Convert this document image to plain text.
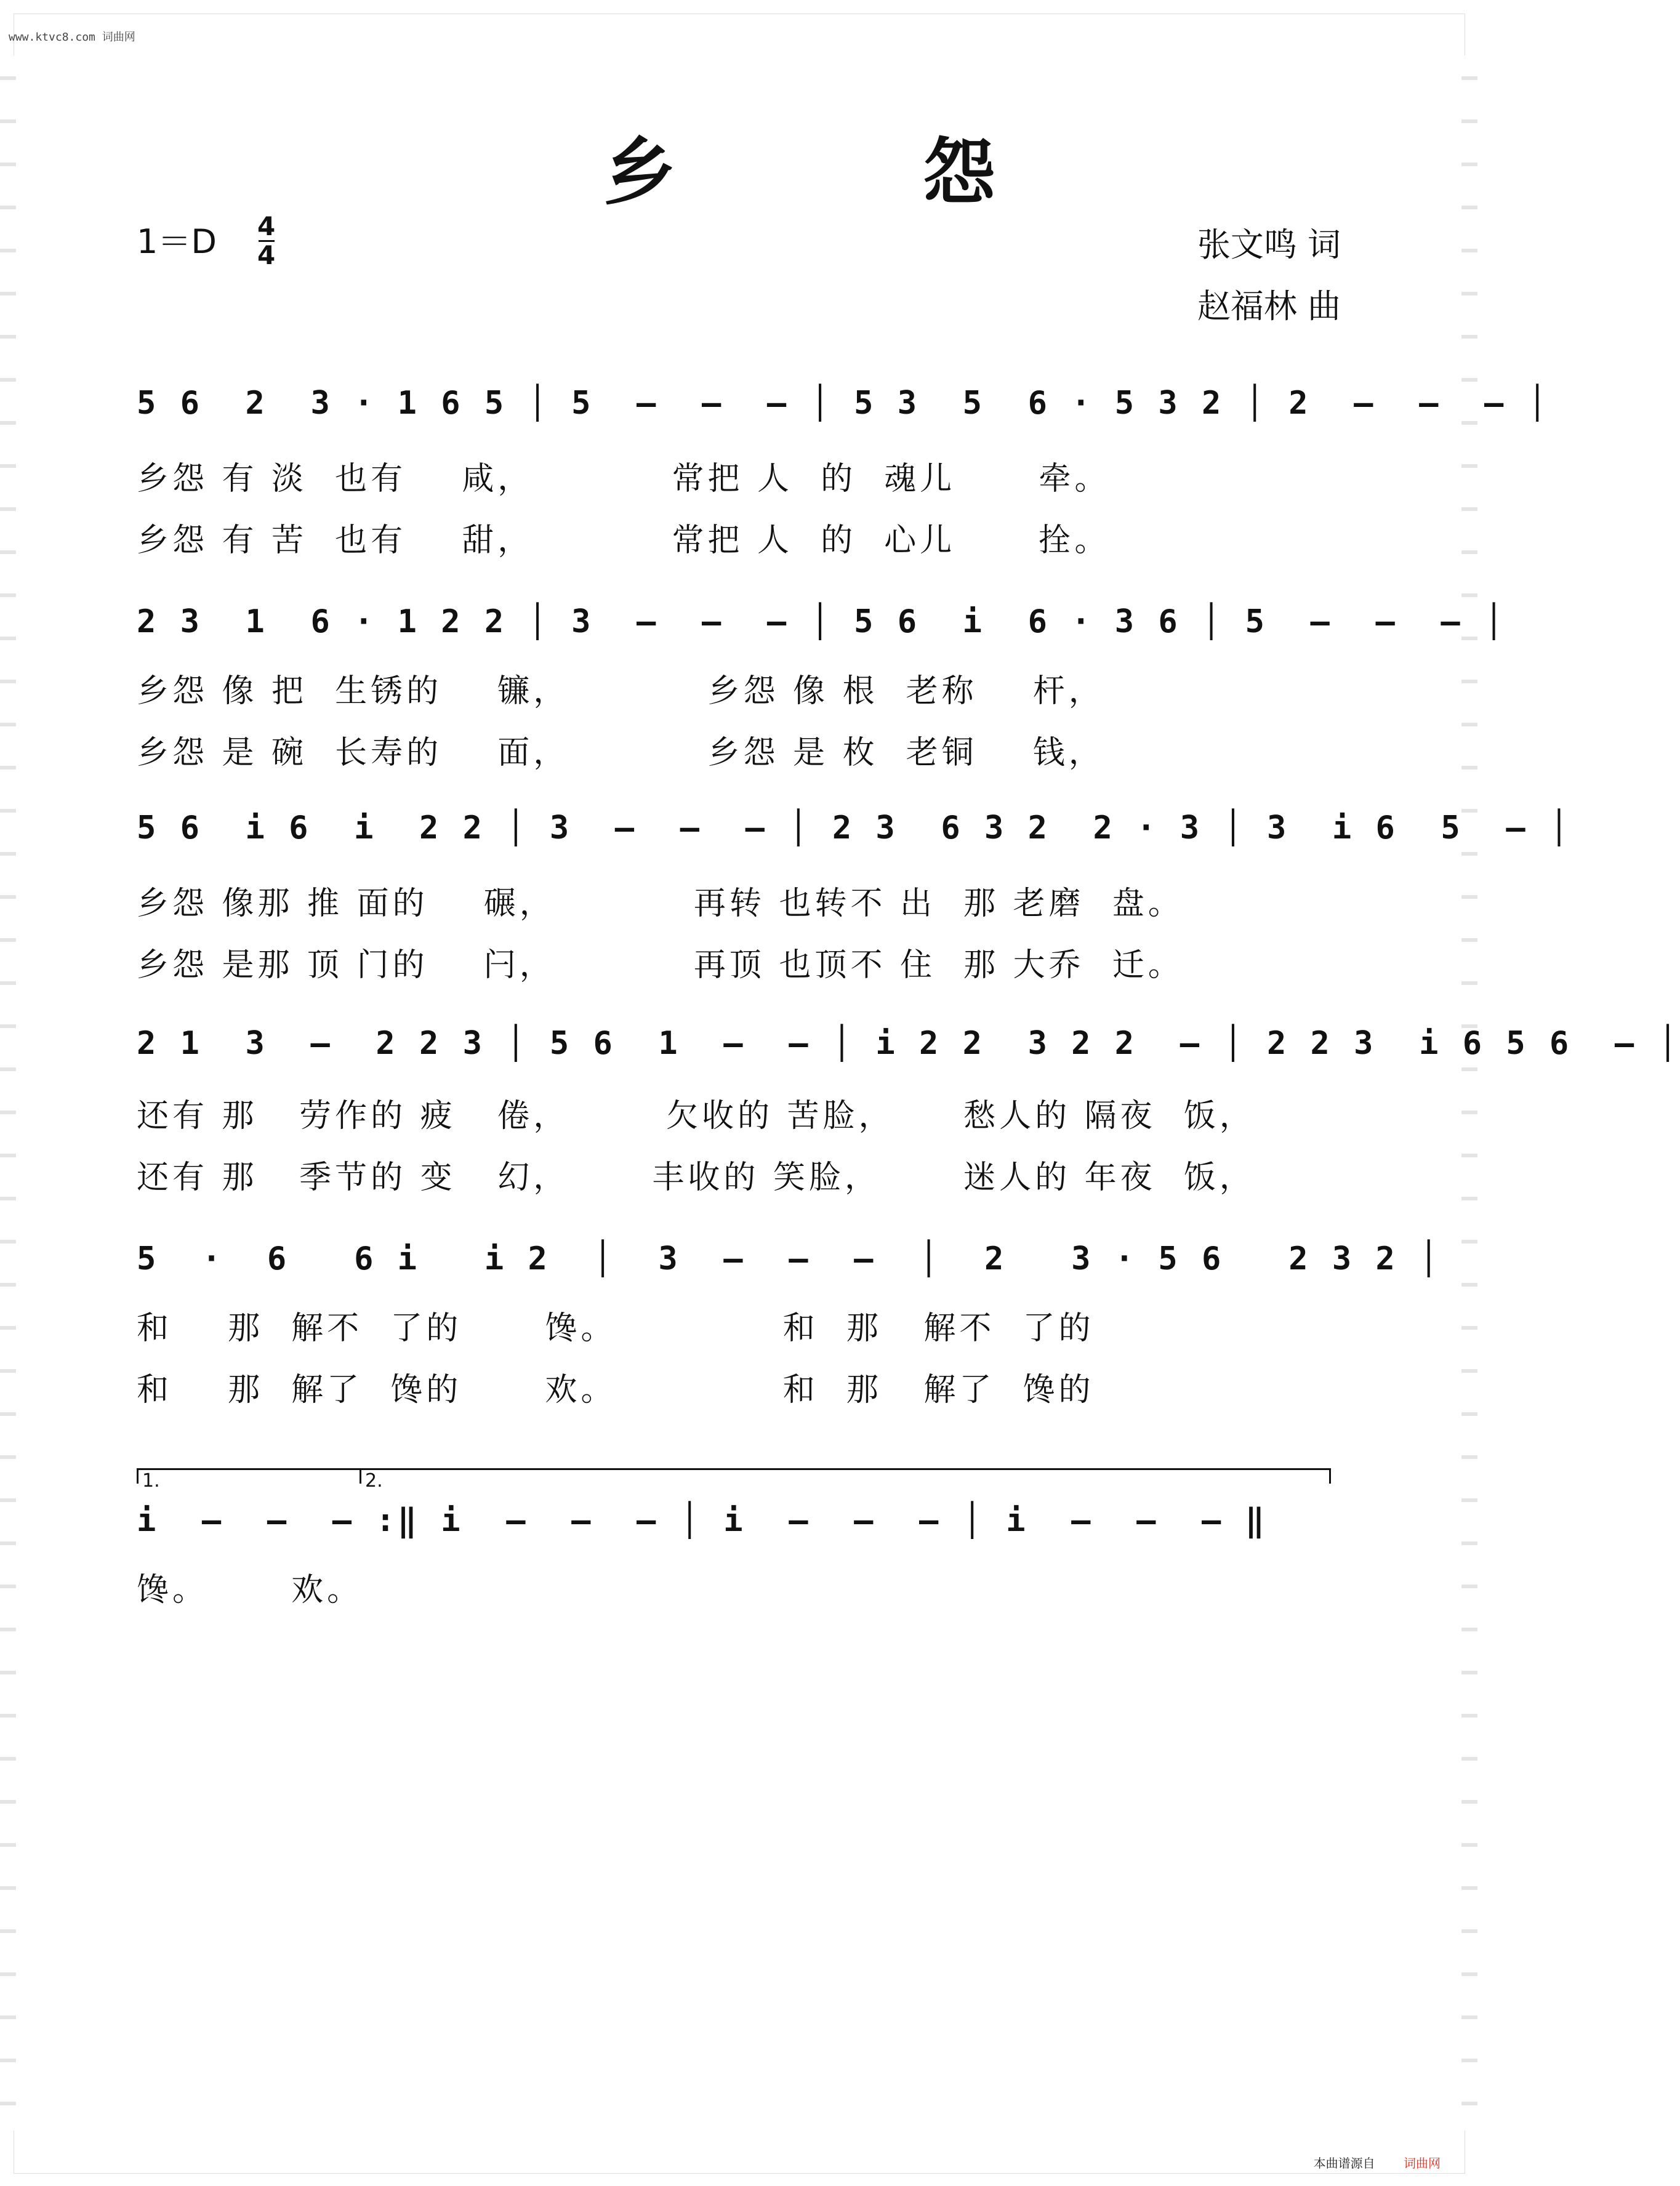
www.ktvc8.com 词曲网
乡 怨
1＝D 4
4	张文鸣 词
赵福林 曲
5 6  2  3 · 1 6 5 │ 5  –  –  – │ 5 3  5  6 · 5 3 2 │ 2  –  –  – │
乡怨 有 淡  也有    咸，          常把 人  的  魂儿      牵。
乡怨 有 苦  也有    甜，          常把 人  的  心儿      拴。
2 3  1  6 · 1 2 2 │ 3  –  –  – │ 5 6  i  6 · 3 6 │ 5  –  –  – │
乡怨 像 把  生锈的    镰，          乡怨 像 根  老称    杆，
乡怨 是 碗  长寿的    面，          乡怨 是 枚  老铜    钱，
5 6  i 6  i  2 2 │ 3  –  –  – │ 2 3  6 3 2  2 · 3 │ 3  i 6  5  – │
乡怨 像那 推 面的    碾，          再转 也转不 出  那 老磨  盘。
乡怨 是那 顶 门的    闩，          再顶 也顶不 住  那 大乔  迁。
2 1  3  –  2 2 3 │ 5 6  1  –  – │ i 2 2  3 2 2  – │ 2 2 3  i 6 5 6  – │
还有 那   劳作的 疲   倦，       欠收的 苦脸，     愁人的 隔夜  饭，
还有 那   季节的 变   幻，      丰收的 笑脸，      迷人的 年夜  饭，
5  ·  6   6 i   i 2  │  3  –  –  –  │  2   3 · 5 6   2 3 2 │
和    那  解不  了的      馋。            和  那   解不  了的
和    那  解了  馋的      欢。            和  那   解了  馋的
1.	2.
i  –  –  – :‖ i  –  –  – │ i  –  –  – │ i  –  –  – ‖
馋。      欢。
本曲谱源自 词曲网
